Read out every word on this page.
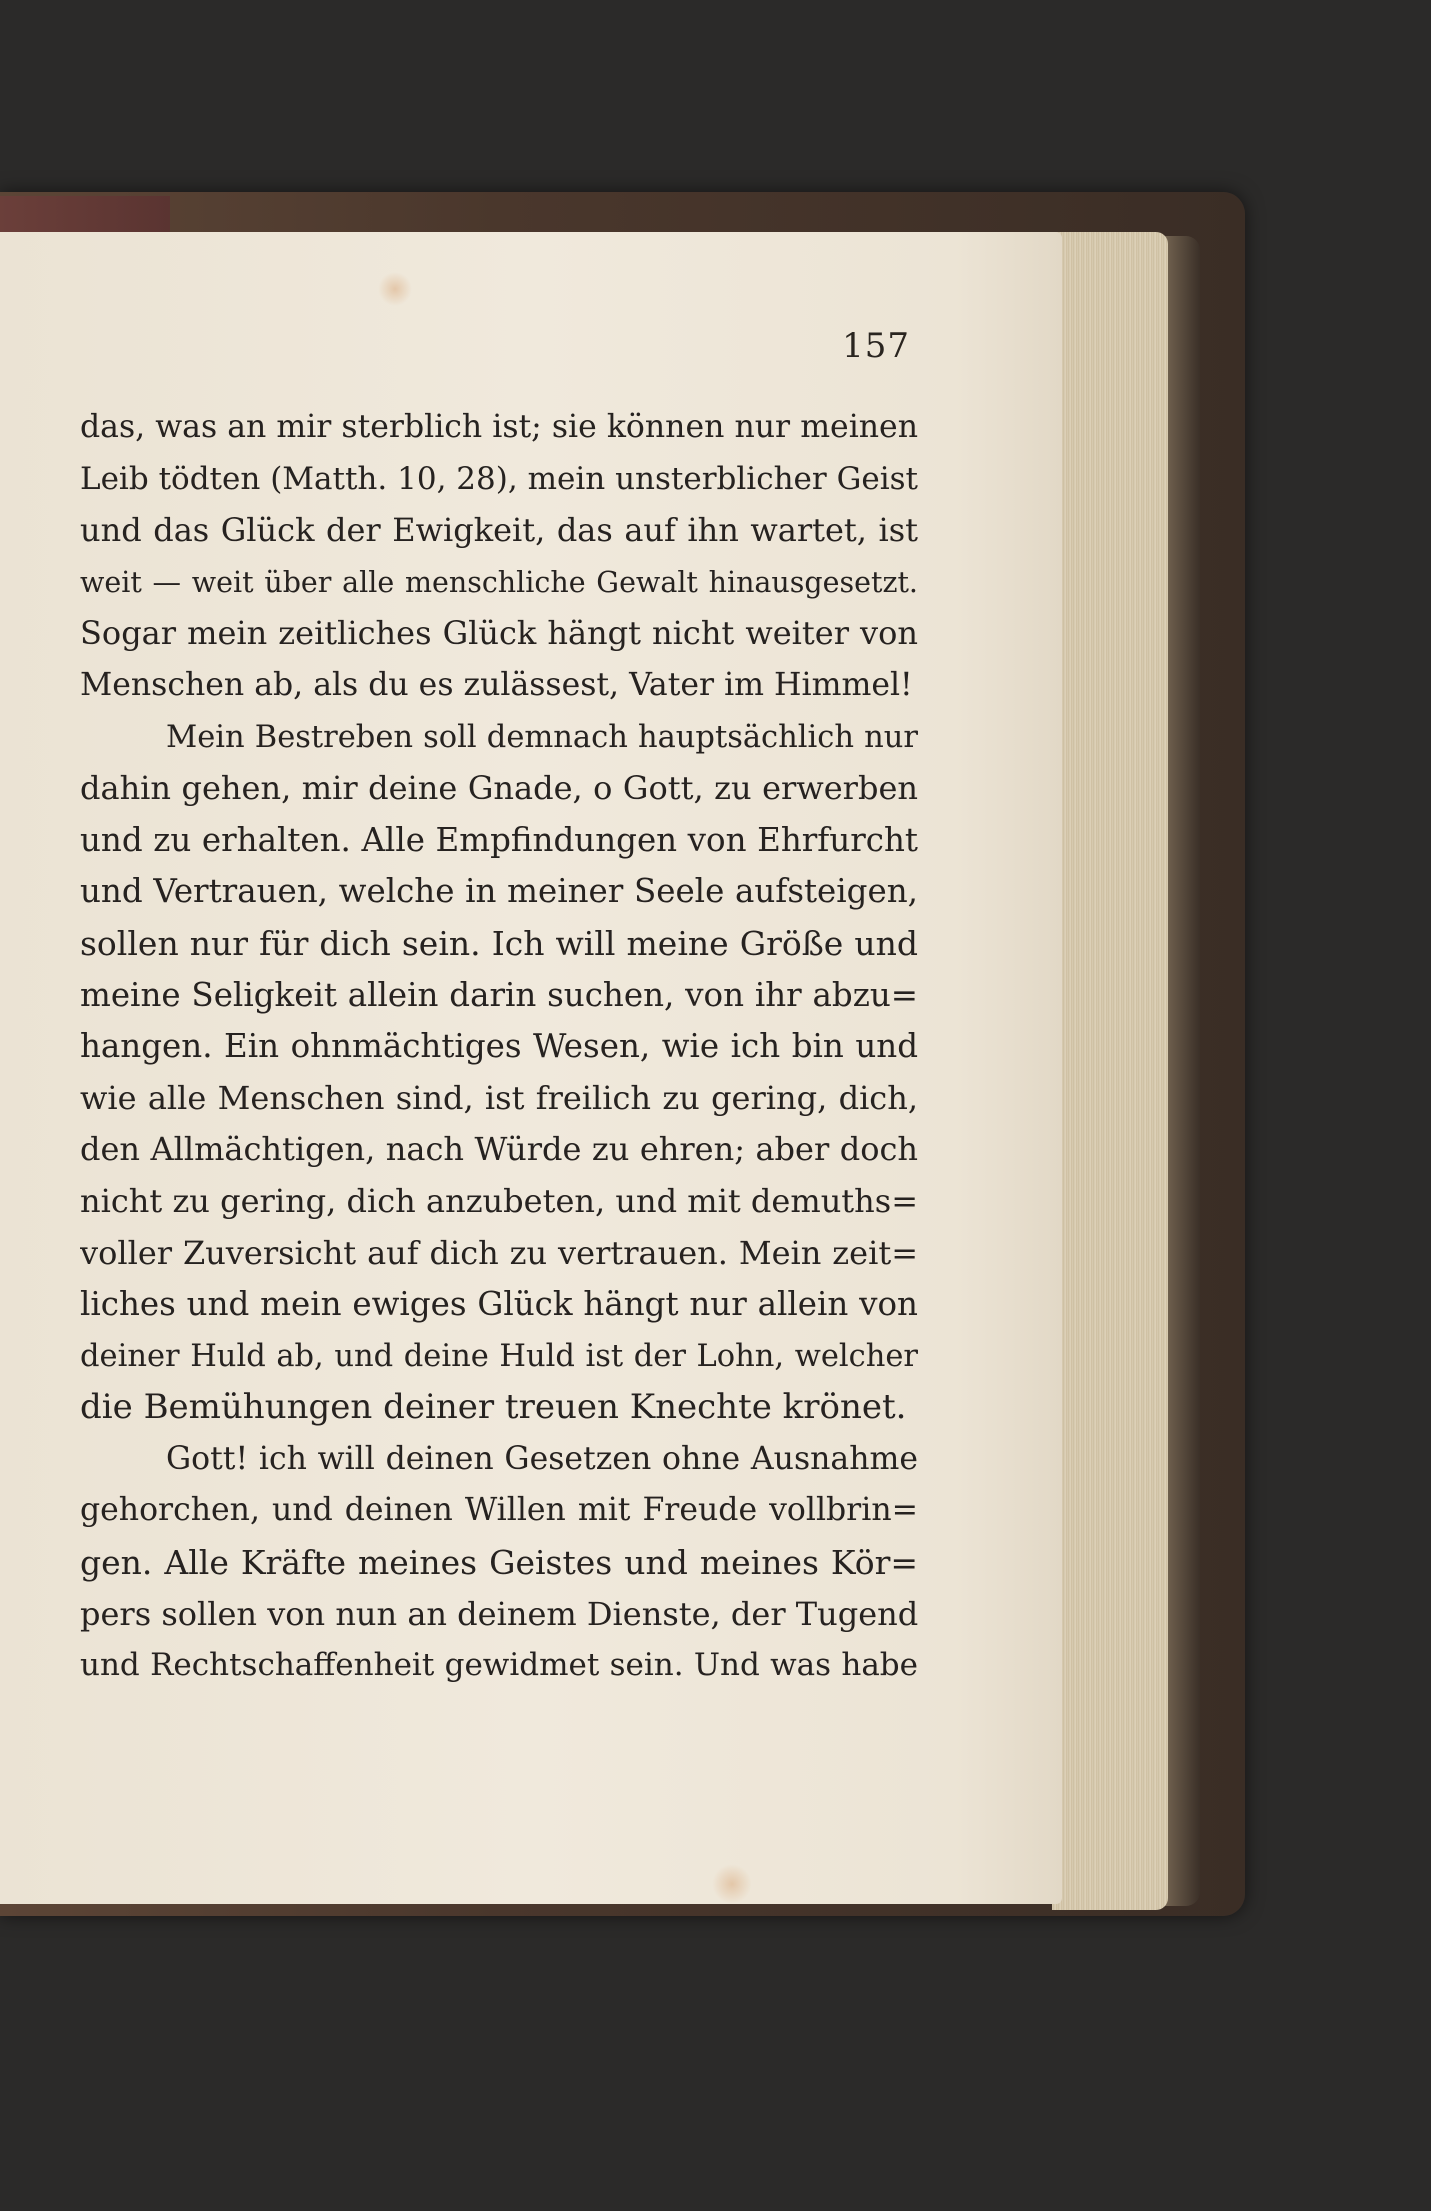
157
das, was an mir sterblich ist; sie können nur meinen
Leib tödten (Matth. 10, 28), mein unsterblicher Geist
und das Glück der Ewigkeit, das auf ihn wartet, ist
weit — weit über alle menschliche Gewalt hinausgesetzt.
Sogar mein zeitliches Glück hängt nicht weiter von
Menschen ab, als du es zulässest, Vater im Himmel!
Mein Bestreben soll demnach hauptsächlich nur
dahin gehen, mir deine Gnade, o Gott, zu erwerben
und zu erhalten. Alle Empfindungen von Ehrfurcht
und Vertrauen, welche in meiner Seele aufsteigen,
sollen nur für dich sein. Ich will meine Größe und
meine Seligkeit allein darin suchen, von ihr abzu=
hangen. Ein ohnmächtiges Wesen, wie ich bin und
wie alle Menschen sind, ist freilich zu gering, dich,
den Allmächtigen, nach Würde zu ehren; aber doch
nicht zu gering, dich anzubeten, und mit demuths=
voller Zuversicht auf dich zu vertrauen. Mein zeit=
liches und mein ewiges Glück hängt nur allein von
deiner Huld ab, und deine Huld ist der Lohn, welcher
die Bemühungen deiner treuen Knechte krönet.
Gott! ich will deinen Gesetzen ohne Ausnahme
gehorchen, und deinen Willen mit Freude vollbrin=
gen. Alle Kräfte meines Geistes und meines Kör=
pers sollen von nun an deinem Dienste, der Tugend
und Rechtschaffenheit gewidmet sein. Und was habe
